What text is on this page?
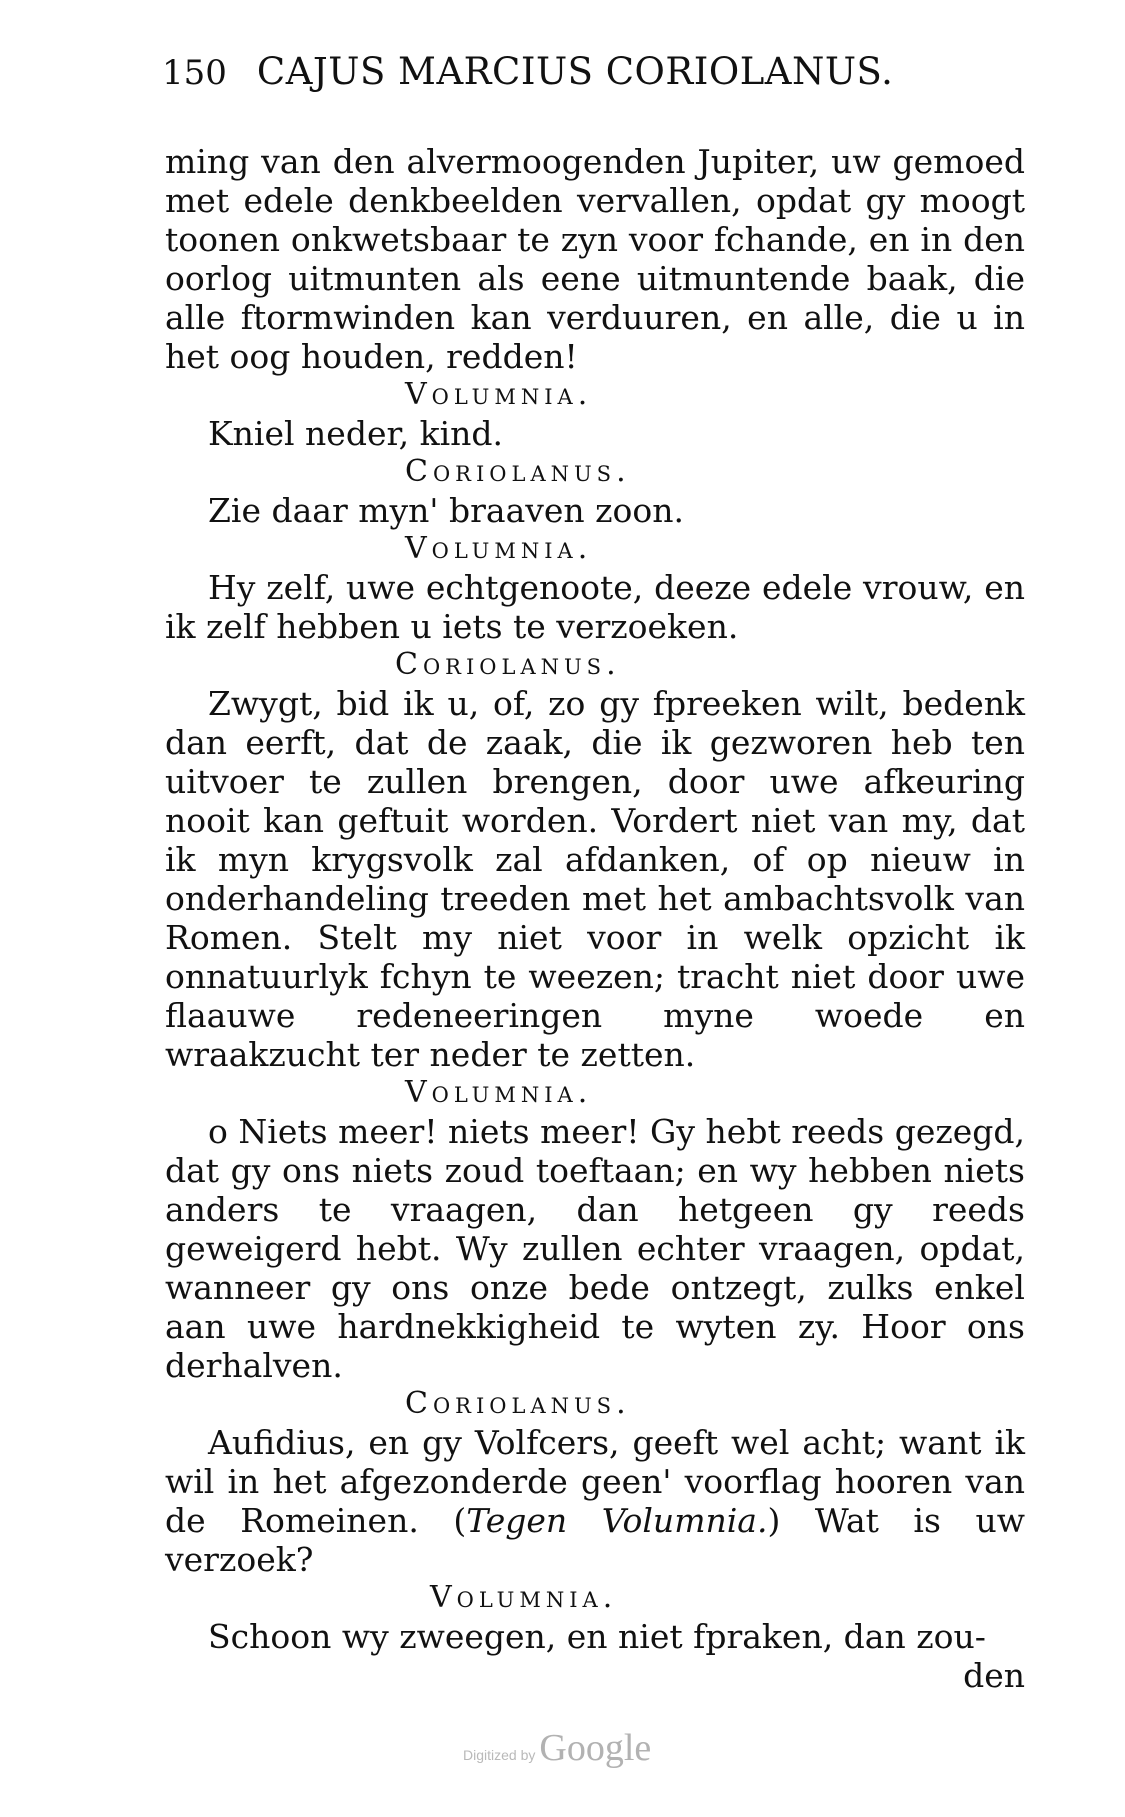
150 CAJUS MARCIUS CORIOLANUS.

ming van den alvermoogenden Jupiter, uw gemoed met edele denkbeelden vervallen, opdat gy moogt toonen onkwetsbaar te zyn voor fchande, en in den oorlog uitmunten als eene uitmuntende baak, die alle ftormwinden kan verduuren, en alle, die u in het oog houden, redden!

Volumnia.

Kniel neder, kind.

Coriolanus.

Zie daar myn' braaven zoon.

Volumnia.

Hy zelf, uwe echtgenoote, deeze edele vrouw, en ik zelf hebben u iets te verzoeken.

Coriolanus.

Zwygt, bid ik u, of, zo gy fpreeken wilt, bedenk dan eerft, dat de zaak, die ik gezworen heb ten uitvoer te zullen brengen, door uwe afkeuring nooit kan geftuit worden. Vordert niet van my, dat ik myn krygsvolk zal afdanken, of op nieuw in onderhandeling treeden met het ambachtsvolk van Romen. Stelt my niet voor in welk opzicht ik onnatuurlyk fchyn te weezen; tracht niet door uwe flaauwe redeneeringen myne woede en wraakzucht ter neder te zetten.

Volumnia.

o Niets meer! niets meer! Gy hebt reeds gezegd, dat gy ons niets zoud toeftaan; en wy hebben niets anders te vraagen, dan hetgeen gy reeds geweigerd hebt. Wy zullen echter vraagen, opdat, wanneer gy ons onze bede ontzegt, zulks enkel aan uwe hardnekkigheid te wyten zy. Hoor ons derhalven.

Coriolanus.

Aufidius, en gy Volfcers, geeft wel acht; want ik wil in het afgezonderde geen' voorflag hooren van de Romeinen. (Tegen Volumnia.) Wat is uw verzoek?

Volumnia.

Schoon wy zweegen, en niet fpraken, dan zou-

den

Digitized by Google
